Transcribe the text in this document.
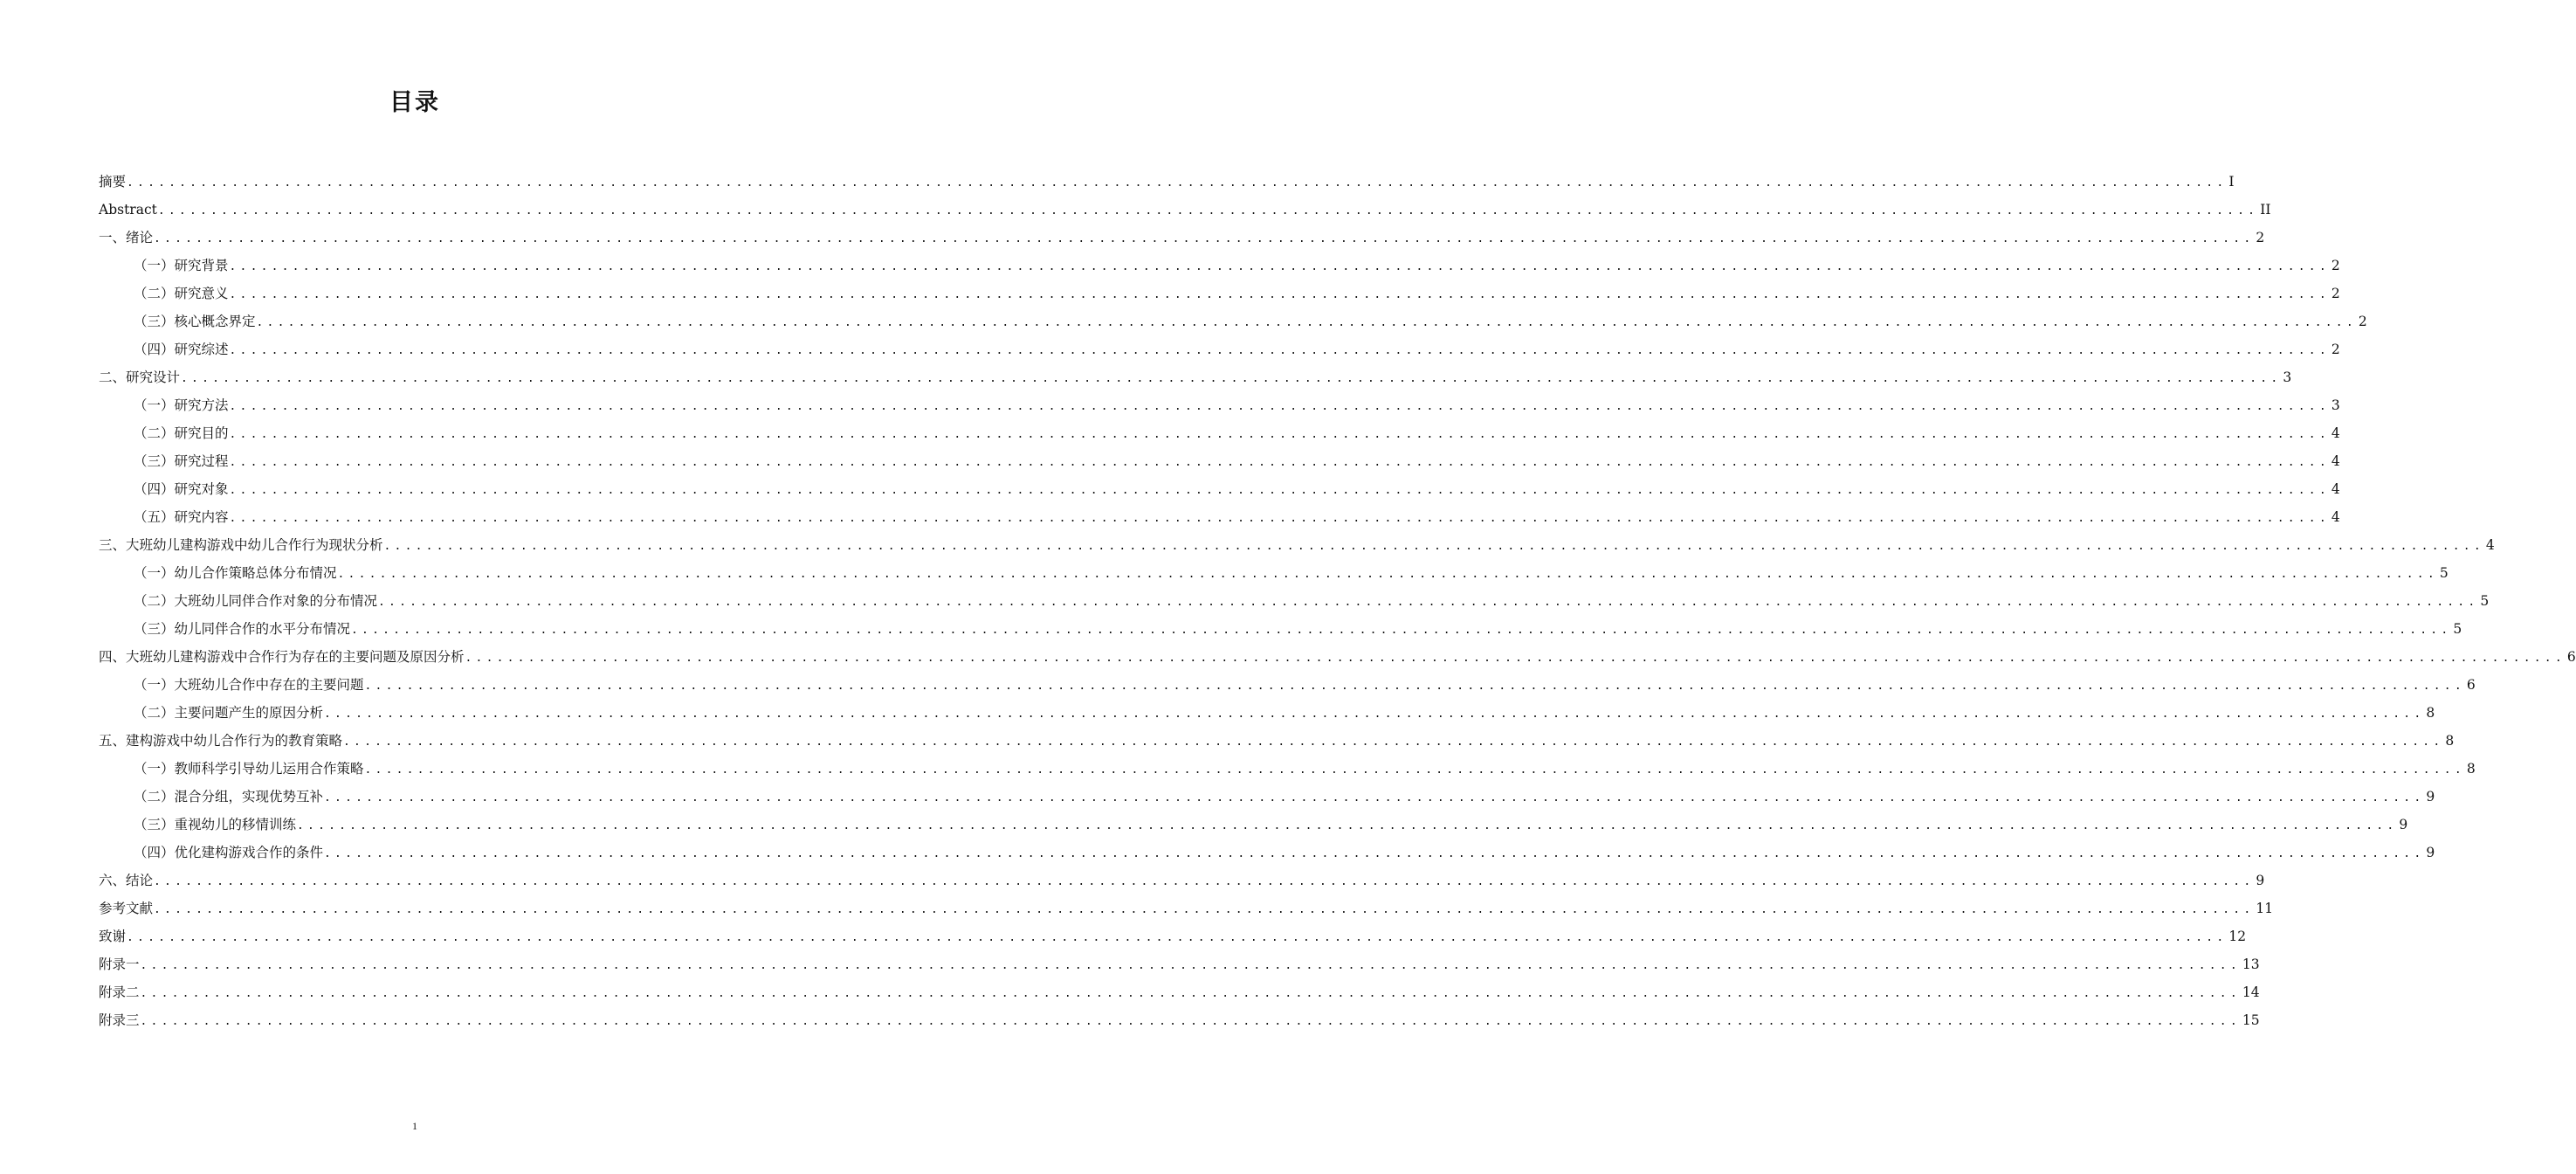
目录
摘要 ........................................................................................................................................................................................................ I
Abstract ........................................................................................................................................................................................................ II
一、绪论 ........................................................................................................................................................................................................ 2
（一）研究背景 ........................................................................................................................................................................................................ 2
（二）研究意义 ........................................................................................................................................................................................................ 2
（三）核心概念界定 ........................................................................................................................................................................................................ 2
（四）研究综述 ........................................................................................................................................................................................................ 2
二、研究设计 ........................................................................................................................................................................................................ 3
（一）研究方法 ........................................................................................................................................................................................................ 3
（二）研究目的 ........................................................................................................................................................................................................ 4
（三）研究过程 ........................................................................................................................................................................................................ 4
（四）研究对象 ........................................................................................................................................................................................................ 4
（五）研究内容 ........................................................................................................................................................................................................ 4
三、大班幼儿建构游戏中幼儿合作行为现状分析 ........................................................................................................................................................................................................ 4
（一）幼儿合作策略总体分布情况 ........................................................................................................................................................................................................ 5
（二）大班幼儿同伴合作对象的分布情况 ........................................................................................................................................................................................................ 5
（三）幼儿同伴合作的水平分布情况 ........................................................................................................................................................................................................ 5
四、大班幼儿建构游戏中合作行为存在的主要问题及原因分析 ........................................................................................................................................................................................................ 6
（一）大班幼儿合作中存在的主要问题 ........................................................................................................................................................................................................ 6
（二）主要问题产生的原因分析 ........................................................................................................................................................................................................ 8
五、建构游戏中幼儿合作行为的教育策略 ........................................................................................................................................................................................................ 8
（一）教师科学引导幼儿运用合作策略 ........................................................................................................................................................................................................ 8
（二）混合分组，实现优势互补 ........................................................................................................................................................................................................ 9
（三）重视幼儿的移情训练 ........................................................................................................................................................................................................ 9
（四）优化建构游戏合作的条件 ........................................................................................................................................................................................................ 9
六、结论 ........................................................................................................................................................................................................ 9
参考文献 ........................................................................................................................................................................................................ 11
致谢 ........................................................................................................................................................................................................ 12
附录一 ........................................................................................................................................................................................................ 13
附录二 ........................................................................................................................................................................................................ 14
附录三 ........................................................................................................................................................................................................ 15
1
